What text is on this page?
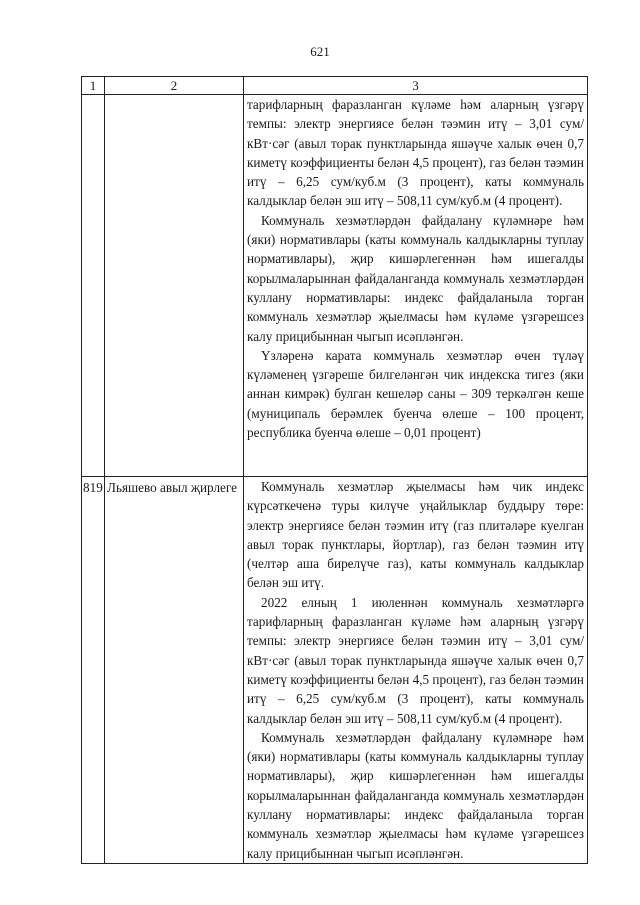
621
1	2	3

		тарифларның фаразланган күләме һәм аларның үзгәрү темпы: электр энергиясе белән тәэмин итү – 3,01 сум/кВт·сәг (авыл торак пунктларында яшәүче халык өчен 0,7 киметү коэффициенты белән 4,5 процент), газ белән тәэмин итү – 6,25 сум/куб.м (3 процент), каты коммуналь калдыклар белән эш итү – 508,11 сум/куб.м (4 процент).

Коммуналь хезмәтләрдән файдалану күләмнәре һәм (яки) нормативлары (каты коммуналь калдыкларны туплау нормативлары), җир кишәрлегеннән һәм ишегалды корылмаларыннан файдаланганда коммуналь хезмәтләрдән куллану нормативлары: индекс файдаланыла торган коммуналь хезмәтләр җыелмасы һәм күләме үзгәрешсез калу прицибыннан чыгып исәпләнгән.

Үзләренә карата коммуналь хезмәтләр өчен түләү күләменең үзгәреше билгеләнгән чик индекска тигез (яки аннан кимрәк) булган кешеләр саны – 309 теркәлгән кеше (муниципаль берәмлек буенча өлеше – 100 процент, республика буенча өлеше – 0,01 процент)

819	Льяшево авыл җирлеге	Коммуналь хезмәтләр җыелмасы һәм чик индекс күрсәткеченә туры килүче уңайлыклар буддыру төре: электр энергиясе белән тәэмин итү (газ плитәләре куелган авыл торак пунктлары, йортлар), газ белән тәэмин итү (челтәр аша бирелүче газ), каты коммуналь калдыклар белән эш итү.

2022 елның 1 июленнән коммуналь хезмәтләргә тарифларның фаразланган күләме һәм аларның үзгәрү темпы: электр энергиясе белән тәэмин итү – 3,01 сум/кВт·сәг (авыл торак пунктларында яшәүче халык өчен 0,7 киметү коэффициенты белән 4,5 процент), газ белән тәэмин итү – 6,25 сум/куб.м (3 процент), каты коммуналь калдыклар белән эш итү – 508,11 сум/куб.м (4 процент).

Коммуналь хезмәтләрдән файдалану күләмнәре һәм (яки) нормативлары (каты коммуналь калдыкларны туплау нормативлары), җир кишәрлегеннән һәм ишегалды корылмаларыннан файдаланганда коммуналь хезмәтләрдән куллану нормативлары: индекс файдаланыла торган коммуналь хезмәтләр җыелмасы һәм күләме үзгәрешсез калу прицибыннан чыгып исәпләнгән.
